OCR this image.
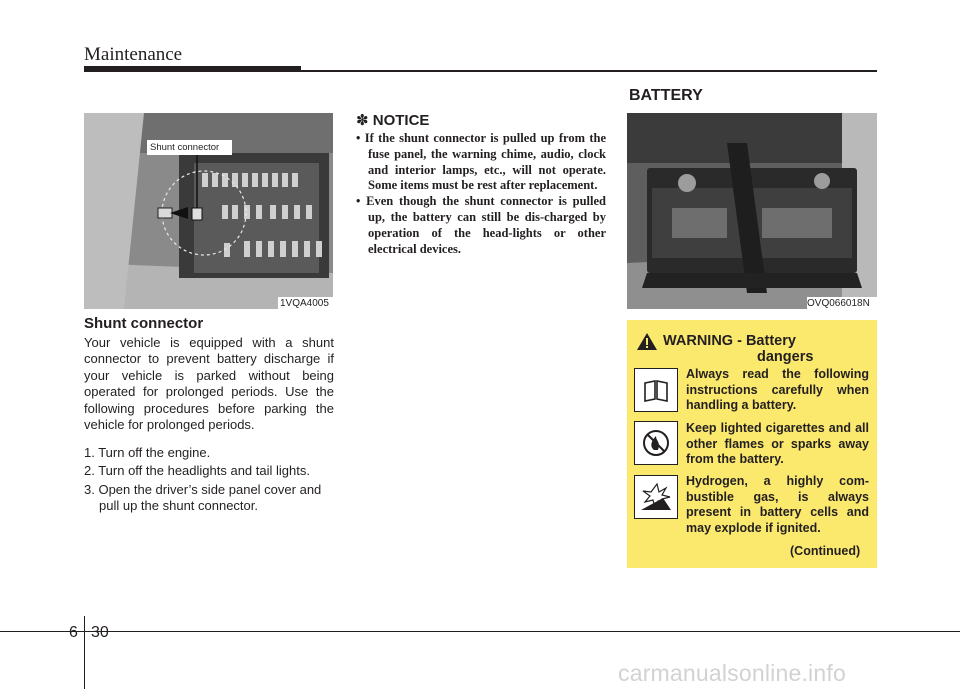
Maintenance
Shunt connector
1VQA4005
Shunt connector
Your vehicle is equipped with a shunt connector to prevent battery discharge if your vehicle is parked without being operated for prolonged periods. Use the following procedures before parking the vehicle for prolonged periods.
1. Turn off the engine.
2. Turn off the headlights and tail lights.
3. Open the driver’s side panel cover and pull up the shunt connector.
✽ NOTICE
• If the shunt connector is pulled up from the fuse panel, the warning chime, audio, clock and interior lamps, etc., will not operate. Some items must be rest after replacement.
• Even though the shunt connector is pulled up, the battery can still be dis-charged by operation of the head-lights or other electrical devices.
BATTERY
OVQ066018N
WARNING - Battery
dangers
Always read the following instructions carefully when handling a battery.
Keep lighted cigarettes and all other flames or sparks away from the battery.
Hydrogen, a highly com-bustible gas, is always present in battery cells and may explode if ignited.
(Continued)
6 30
carmanualsonline.info
